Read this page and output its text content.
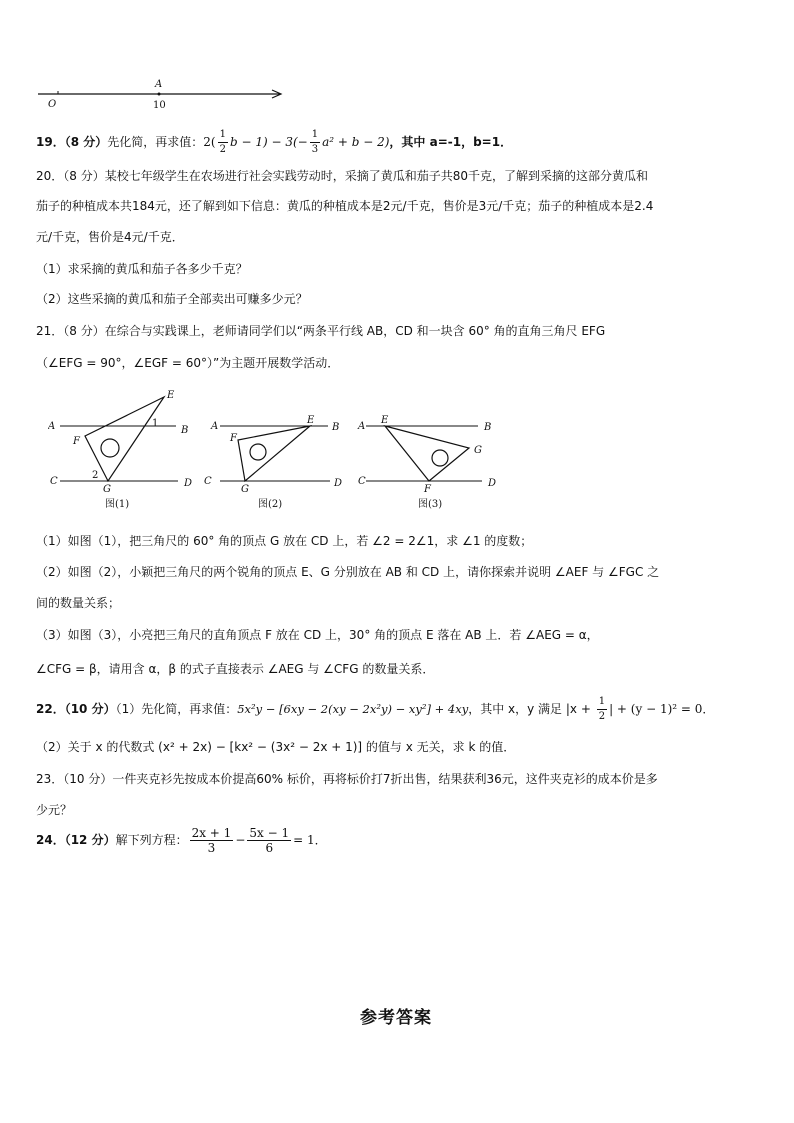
A
O	10
19．（8 分）先化简，再求值：$2( \frac{1}{2}$ $b - 1) - 3(- \frac{1}{3} a^2 + b - 2)$，其中 a=-1，b=1．
20．（8 分）某校七年级学生在农场进行社会实践劳动时，采摘了黄瓜和茄子共80千克，了解到采摘的这部分黄瓜和
茄子的种植成本共184元，还了解到如下信息：黄瓜的种植成本是2元/千克，售价是3元/千克；茄子的种植成本是2.4
元/千克，售价是4元/千克．
（1）求采摘的黄瓜和茄子各多少千克？
（2）这些采摘的黄瓜和茄子全部卖出可赚多少元？
21．（8 分）在综合与实践课上，老师请同学们以“两条平行线 AB，CD 和一块含 60° 角的直角三角尺 EFG
（∠EFG = 90°，∠EGF = 60°）”为主题开展数学活动．
A	B
C	D
E
F
G
1
2
图(1)
A	B
C	D
E
F
G
图(2)
A	B
C	D
E
G
F
图(3)
（1）如图（1），把三角尺的 60° 角的顶点 G 放在 CD 上，若 ∠2 = 2∠1，求 ∠1 的度数；
（2）如图（2），小颖把三角尺的两个锐角的顶点 E、G 分别放在 AB 和 CD 上，请你探索并说明 ∠AEF 与 ∠FGC 之
间的数量关系；
（3）如图（3），小亮把三角尺的直角顶点 F 放在 CD 上，30° 角的顶点 E 落在 AB 上．若 ∠AEG = α，
∠CFG = β，请用含 α，β 的式子直接表示 ∠AEG 与 ∠CFG 的数量关系．
22．（10 分）（1）先化简，再求值：5x²y − [6xy − 2(xy − 2x²y) − xy²] + 4xy，其中 x，y 满足 $|x + \frac{1}{2}$ | + (y − 1)² = 0．
（2）关于 x 的代数式 (x² + 2x) − [kx² − (3x² − 2x + 1)] 的值与 x 无关，求 k 的值．
23．（10 分）一件夹克衫先按成本价提高60% 标价，再将标价打7折出售，结果获利36元，这件夹克衫的成本价是多
少元？
24．（12 分）解下列方程： $\frac{2x + 1}{3} - \frac{5x - 1}{6} = 1$．
参考答案
